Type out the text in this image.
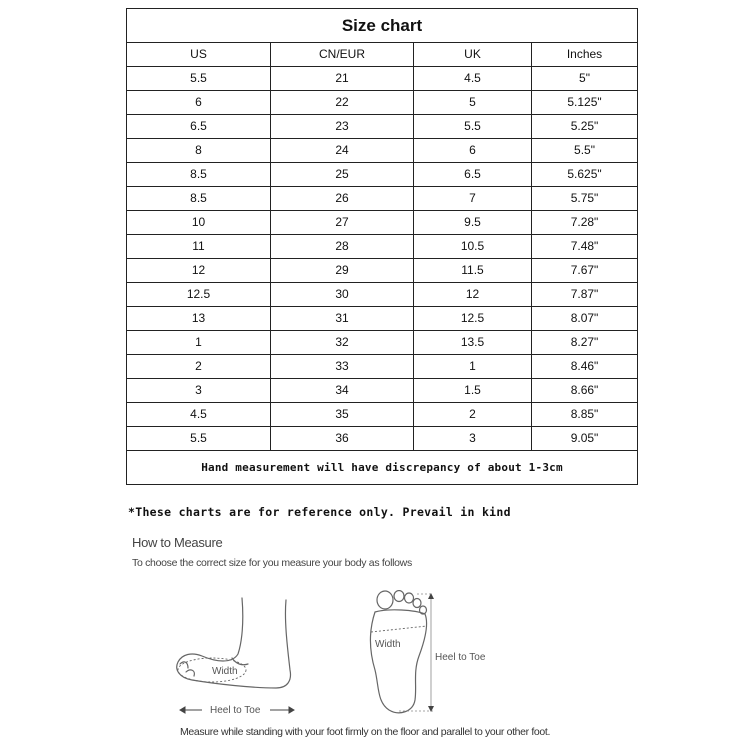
Size chart			
US	CN/EUR	UK	Inches
5.5	21	4.5	5"
6	22	5	5.125"
6.5	23	5.5	5.25"
8	24	6	5.5"
8.5	25	6.5	5.625"
8.5	26	7	5.75"
10	27	9.5	7.28"
11	28	10.5	7.48"
12	29	11.5	7.67"
12.5	30	12	7.87"
13	31	12.5	8.07"
1	32	13.5	8.27"
2	33	1	8.46"
3	34	1.5	8.66"
4.5	35	2	8.85"
5.5	36	3	9.05"
Hand measurement will have discrepancy of about 1-3cm			
*These charts are for reference only. Prevail in kind
How to Measure
To choose the correct size for you measure your body as follows
Width
Heel to Toe
Width
Heel to Toe
Measure while standing with your foot firmly on the floor and parallel to your other foot.
